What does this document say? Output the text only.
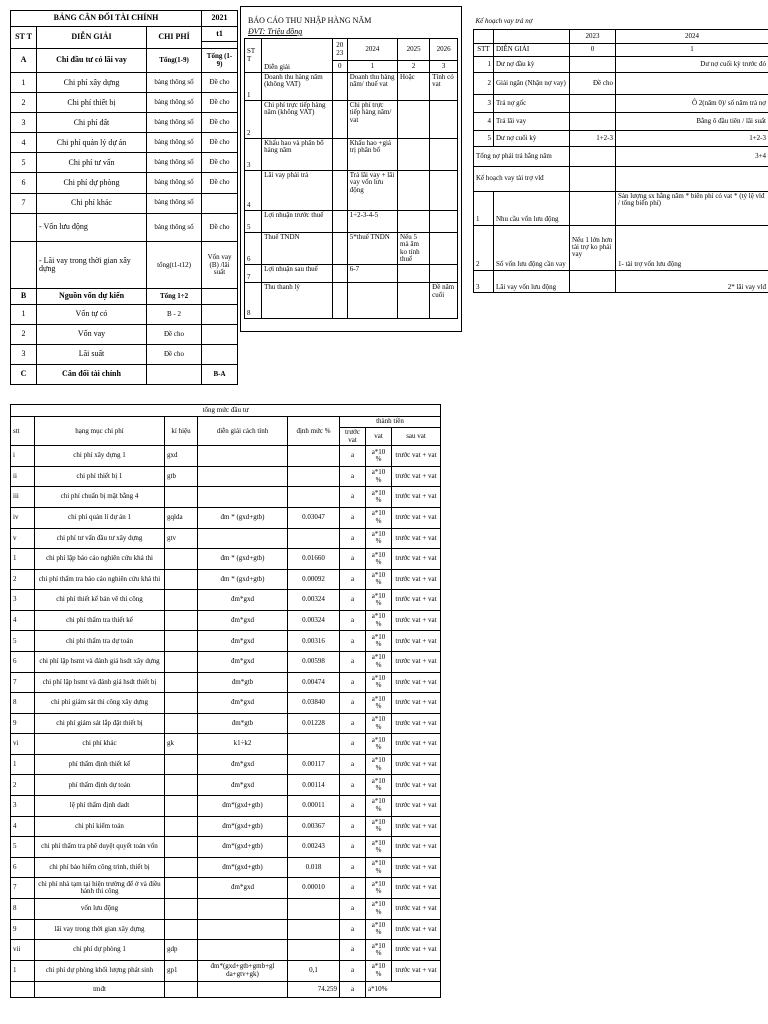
BẢNG CÂN ĐỐI TÀI CHÍNH			2021
ST T	DIỄN GIẢI	CHI PHÍ	t1

A	Chi đầu tư có lãi vay	Tổng(1-9)	Tổng (1-9)
1	Chi phí xây dựng	bảng thông số	Đề cho
2	Chi phí thiết bị	bảng thông số	Đề cho
3	Chi phí đất	bảng thông số	Đề cho
4	Chi phí quản lý dự án	bảng thông số	Đề cho
5	Chi phí tư vấn	bảng thông số	Đề cho
6	Chi phí dự phòng	bảng thông số	Đề cho
7	Chi phí khác	bảng thông số	
	- Vốn lưu động	bảng thông số	Đề cho
	- Lãi vay trong thời gian xây dựng	tổng(t1-t12)	Vốn vay (B) /lãi suất
B	Nguồn vốn dự kiến	Tổng 1÷2	
1	Vốn tự có	B - 2	
2	Vốn vay	Đề cho	
3	Lãi suất	Đề cho	
C	Cân đối tài chính		B-A
BÁO CÁO THU NHẬP HÀNG NĂM
ĐVT: Triệu đồng
ST T	Diễn giải	20 23	2024	2025	2026
		0	1	2	3
1	Doanh thu hàng năm (không VAT)		Doanh thu hàng năm/ thuế vat	Hoặc	Tính có vat
2	Chi phí trực tiếp hàng năm (không VAT)		Chi phí trực tiếp hàng năm/ vat		
3	Khấu hao và phân bổ hàng năm		Khấu hao +giá trị phân bổ		
4	Lãi vay phải trả		Trả lãi vay + lãi vay vốn lưu động		
5	Lợi nhuận trước thuế		1÷2-3-4-5		
6	Thuế TNDN		5*thuế TNDN	Nếu 5 mà âm ko tính thuế	
7	Lợi nhuận sau thuế		6-7		
8	Thu thanh lý				Đề năm cuối
Kế hoạch vay trả nợ			
		2023	2024
STT	DIỄN GIẢI	0	1
1	Dư nợ đầu kỳ		Dư nợ cuối kỳ trước đó
2	Giải ngân (Nhận nợ vay)	Đề cho	
3	Trả nợ gốc		Ô 2(năm 0)/ số năm trả nợ
4	Trả lãi vay		Bằng ô đầu tiên / lãi suất
5	Dư nợ cuối kỳ	1+2-3	1+2-3
Tổng nợ phải trả hằng năm			3+4
Kế hoạch vay tài trợ vlđ			
1	Nhu cầu vốn lưu động		Sản lượng sx hằng năm * biên phí có vat * (tỷ lệ vlđ / tổng biến phí)
2	Số vốn lưu động cần vay	Nếu 1 lớn hơn tài trợ ko phải vay	1- tài trợ vốn lưu động
3	Lãi vay vốn lưu động		2* lãi vay vlđ
tổng mức đầu tư							
stt	hạng mục chi phí	kí hiệu	diễn giải cách tính	định mức %	thành tiền		
					trước vat	vat	sau vat
i	chi phí xây dựng 1	gxd			a	a*10 %	trước vat + vat
ii	chi phí thiết bị 1	gtb			a	a*10 %	trước vat + vat
iii	chi phí chuẩn bị mặt bằng 4				a	a*10 %	trước vat + vat
iv	chi phí quản lí dự án 1	gqlda	đm * (gxd+gtb)	0.03047	a	a*10 %	trước vat + vat
v	chi phí tư vấn đầu tư xây dựng	gtv			a	a*10 %	trước vat + vat
1	chi phí lập báo cáo nghiên cứu khả thi		đm * (gxd+gtb)	0.01660	a	a*10 %	trước vat + vat
2	chi phí thẩm tra báo cáo nghiên cứu khả thi		đm * (gxd+gtb)	0.00092	a	a*10 %	trước vat + vat
3	chi phí thiết kế bản vẽ thi công		đm*gxd	0.00324	a	a*10 %	trước vat + vat
4	chi phí thẩm tra thiết kế		đm*gxd	0.00324	a	a*10 %	trước vat + vat
5	chi phí thẩm tra dự toán		đm*gxd	0.00316	a	a*10 %	trước vat + vat
6	chi phí lập hsmt và đánh giá hsdt xây dựng		đm*gxd	0.00598	a	a*10 %	trước vat + vat
7	chi phí lập hsmt và đánh giá hsdt thiết bị		đm*gtb	0.00474	a	a*10 %	trước vat + vat
8	chi phí giám sát thi công xây dựng		đm*gxd	0.03840	a	a*10 %	trước vat + vat
9	chi phí giám sát lắp đặt thiết bị		đm*gtb	0.01228	a	a*10 %	trước vat + vat
vi	chi phí khác	gk	k1÷k2		a	a*10 %	trước vat + vat
1	phí thẩm định thiết kế		đm*gxd	0.00117	a	a*10 %	trước vat + vat
2	phí thẩm định dự toán		đm*gxd	0.00114	a	a*10 %	trước vat + vat
3	lệ phí thẩm định dadt		đm*(gxd+gtb)	0.00011	a	a*10 %	trước vat + vat
4	chi phí kiểm toán		đm*(gxd+gtb)	0.00367	a	a*10 %	trước vat + vat
5	chi phí thẩm tra phê duyệt quyết toán vốn		đm*(gxd+gtb)	0.00243	a	a*10 %	trước vat + vat
6	chi phí bảo hiểm công trình, thiết bị		đm*(gxd+gtb)	0.018	a	a*10 %	trước vat + vat
7	chi phí nhà tạm tại hiện trường để ở và điều hành thi công		đm*gxd	0.00010	a	a*10 %	trước vat + vat
8	vốn lưu động				a	a*10 %	trước vat + vat
9	lãi vay trong thời gian xây dựng				a	a*10 %	trước vat + vat
vii	chi phí dự phòng 1	gdp			a	a*10 %	trước vat + vat
1	chi phí dự phòng khối lượng phát sinh	gp1	đm*(gxd+gtb+gmb+gl da+gtv+gk)	0,1	a	a*10 %	trước vat + vat
	tmđt			74.259	a	a*10%	
